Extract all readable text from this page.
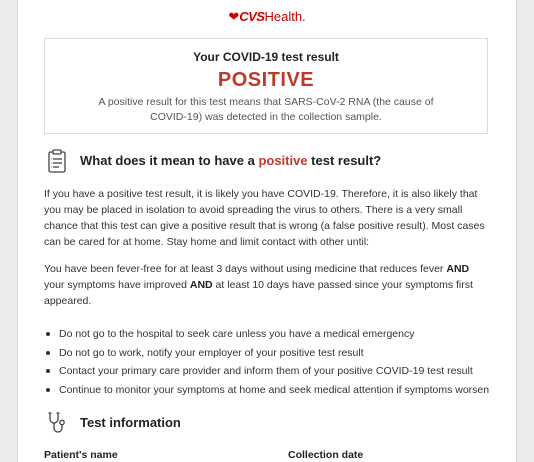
❤CVSHealth.
Your COVID-19 test result
POSITIVE
A positive result for this test means that SARS-CoV-2 RNA (the cause of COVID-19) was detected in the collection sample.
What does it mean to have a positive test result?

If you have a positive test result, it is likely you have COVID-19. Therefore, it is also likely that you may be placed in isolation to avoid spreading the virus to others. There is a very small chance that this test can give a positive result that is wrong (a false positive result). Most cases can be cared for at home. Stay home and limit contact with other until:

You have been fever-free for at least 3 days without using medicine that reduces fever AND your symptoms have improved AND at least 10 days have passed since your symptoms first appeared.

Do not go to the hospital to seek care unless you have a medical emergency
Do not go to work, notify your employer of your positive test result
Contact your primary care provider and inform them of your positive COVID-19 test result
Continue to monitor your symptoms at home and seek medical attention if symptoms worsen
Test information
Patient's name	Collection date
